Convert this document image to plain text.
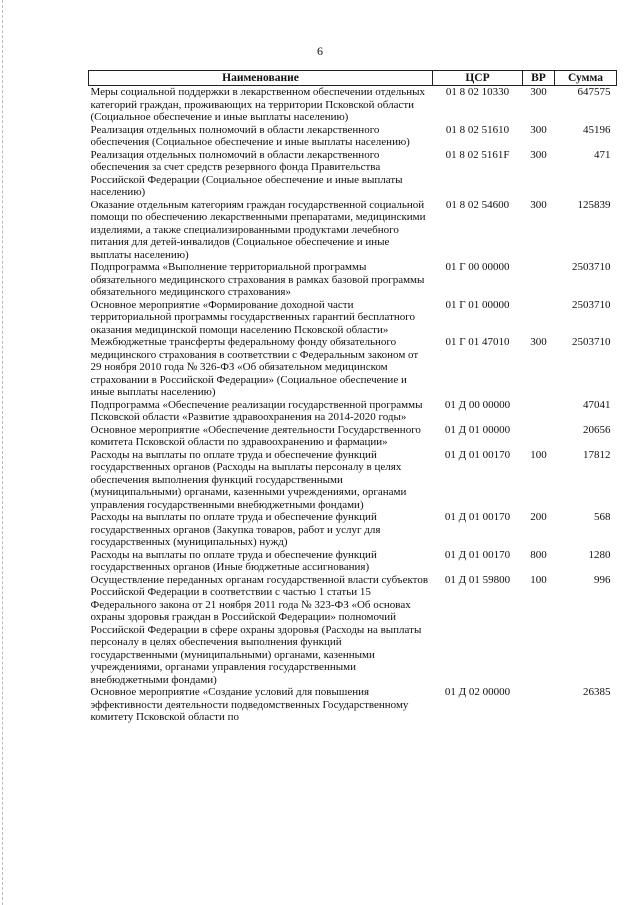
6
Наименование	ЦСР	ВР	Сумма
Меры социальной поддержки в лекарственном обеспечении отдельных категорий граждан, проживающих на территории Псковской области (Социальное обеспечение и иные выплаты населению)	01 8 02 10330	300	647575
Реализация отдельных полномочий в области лекарственного обеспечения (Социальное обеспечение и иные выплаты населению)	01 8 02 51610	300	45196
Реализация отдельных полномочий в области лекарственного обеспечения за счет средств резервного фонда Правительства Российской Федерации (Социальное обеспечение и иные выплаты населению)	01 8 02 5161F	300	471
Оказание отдельным категориям граждан государственной социальной помощи по обеспечению лекарственными препаратами, медицинскими изделиями, а также специализированными продуктами лечебного питания для детей-инвалидов (Социальное обеспечение и иные выплаты населению)	01 8 02 54600	300	125839
Подпрограмма «Выполнение территориальной программы обязательного медицинского страхования в рамках базовой программы обязательного медицинского страхования»	01 Г 00 00000		2503710
Основное мероприятие «Формирование доходной части территориальной программы государственных гарантий бесплатного оказания медицинской помощи населению Псковской области»	01 Г 01 00000		2503710
Межбюджетные трансферты федеральному фонду обязательного медицинского страхования в соответствии с Федеральным законом от 29 ноября 2010 года № 326-ФЗ «Об обязательном медицинском страховании в Российской Федерации» (Социальное обеспечение и иные выплаты населению)	01 Г 01 47010	300	2503710
Подпрограмма «Обеспечение реализации государственной программы Псковской области «Развитие здравоохранения на 2014-2020 годы»	01 Д 00 00000		47041
Основное мероприятие «Обеспечение деятельности Государственного комитета Псковской области по здравоохранению и фармации»	01 Д 01 00000		20656
Расходы на выплаты по оплате труда и обеспечение функций государственных органов (Расходы на выплаты персоналу в целях обеспечения выполнения функций государственными (муниципальными) органами, казенными учреждениями, органами управления государственными внебюджетными фондами)	01 Д 01 00170	100	17812
Расходы на выплаты по оплате труда и обеспечение функций государственных органов (Закупка товаров, работ и услуг для государственных (муниципальных) нужд)	01 Д 01 00170	200	568
Расходы на выплаты по оплате труда и обеспечение функций государственных органов (Иные бюджетные ассигнования)	01 Д 01 00170	800	1280
Осуществление переданных органам государственной власти субъектов Российской Федерации в соответствии с частью 1 статьи 15 Федерального закона от 21 ноября 2011 года № 323-ФЗ «Об основах охраны здоровья граждан в Российской Федерации» полномочий Российской Федерации в сфере охраны здоровья (Расходы на выплаты персоналу в целях обеспечения выполнения функций государственными (муниципальными) органами, казенными учреждениями, органами управления государственными внебюджетными фондами)	01 Д 01 59800	100	996
Основное мероприятие «Создание условий для повышения эффективности деятельности подведомственных Государственному комитету Псковской области по	01 Д 02 00000		26385
